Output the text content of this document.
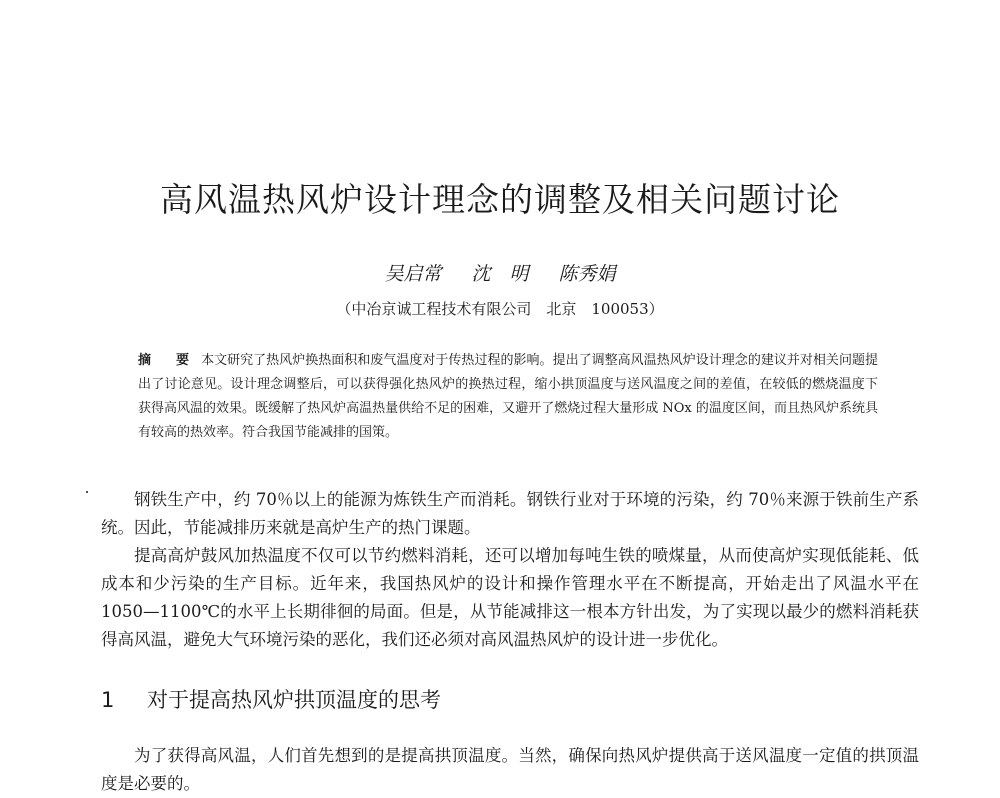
高风温热风炉设计理念的调整及相关问题讨论
吴启常 沈　明 陈秀娟
（中冶京诚工程技术有限公司　北京　100053）

摘　要 本文研究了热风炉换热面积和废气温度对于传热过程的影响。提出了调整高风温热风炉设计理念的建议并对相关问题提出了讨论意见。设计理念调整后，可以获得强化热风炉的换热过程，缩小拱顶温度与送风温度之间的差值，在较低的燃烧温度下获得高风温的效果。既缓解了热风炉高温热量供给不足的困难，又避开了燃烧过程大量形成 NOx 的温度区间，而且热风炉系统具有较高的热效率。符合我国节能减排的国策。

钢铁生产中，约 70％以上的能源为炼铁生产而消耗。钢铁行业对于环境的污染，约 70％来源于铁前生产系统。因此，节能减排历来就是高炉生产的热门课题。

提高高炉鼓风加热温度不仅可以节约燃料消耗，还可以增加每吨生铁的喷煤量，从而使高炉实现低能耗、低成本和少污染的生产目标。近年来，我国热风炉的设计和操作管理水平在不断提高，开始走出了风温水平在 1050—1100℃的水平上长期徘徊的局面。但是，从节能减排这一根本方针出发，为了实现以最少的燃料消耗获得高风温，避免大气环境污染的恶化，我们还必须对高风温热风炉的设计进一步优化。

1 对于提高热风炉拱顶温度的思考

为了获得高风温，人们首先想到的是提高拱顶温度。当然，确保向热风炉提供高于送风温度一定值的拱顶温度是必要的。
